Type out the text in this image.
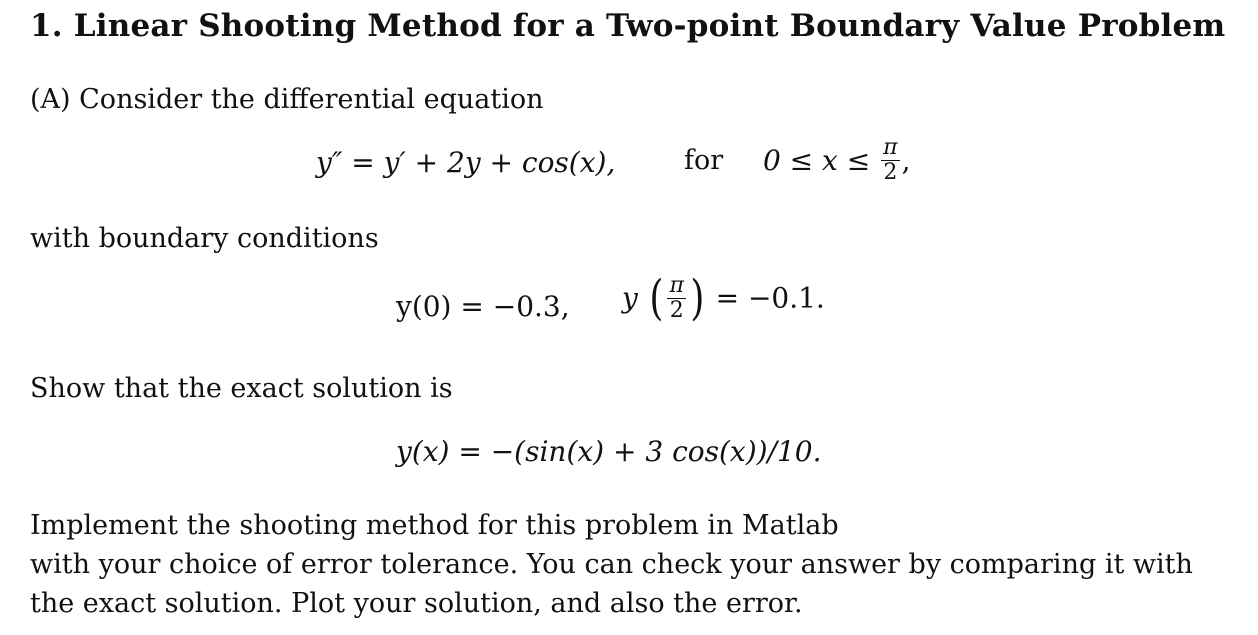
1. Linear Shooting Method for a Two-point Boundary Value Problem
(A) Consider the differential equation
y″ = y′ + 2y + cos(x),	for $0 \le x \le \frac{\pi}{2}$ ,
with boundary conditions
y(0) = −0.3, y ( $\frac{\pi}{2}$ ) = −0.1.
Show that the exact solution is
y(x) = −(sin(x) + 3 cos(x))/10.
Implement the shooting method for this problem in Matlab
with your choice of error tolerance. You can check your answer by comparing it with
the exact solution. Plot your solution, and also the error.
